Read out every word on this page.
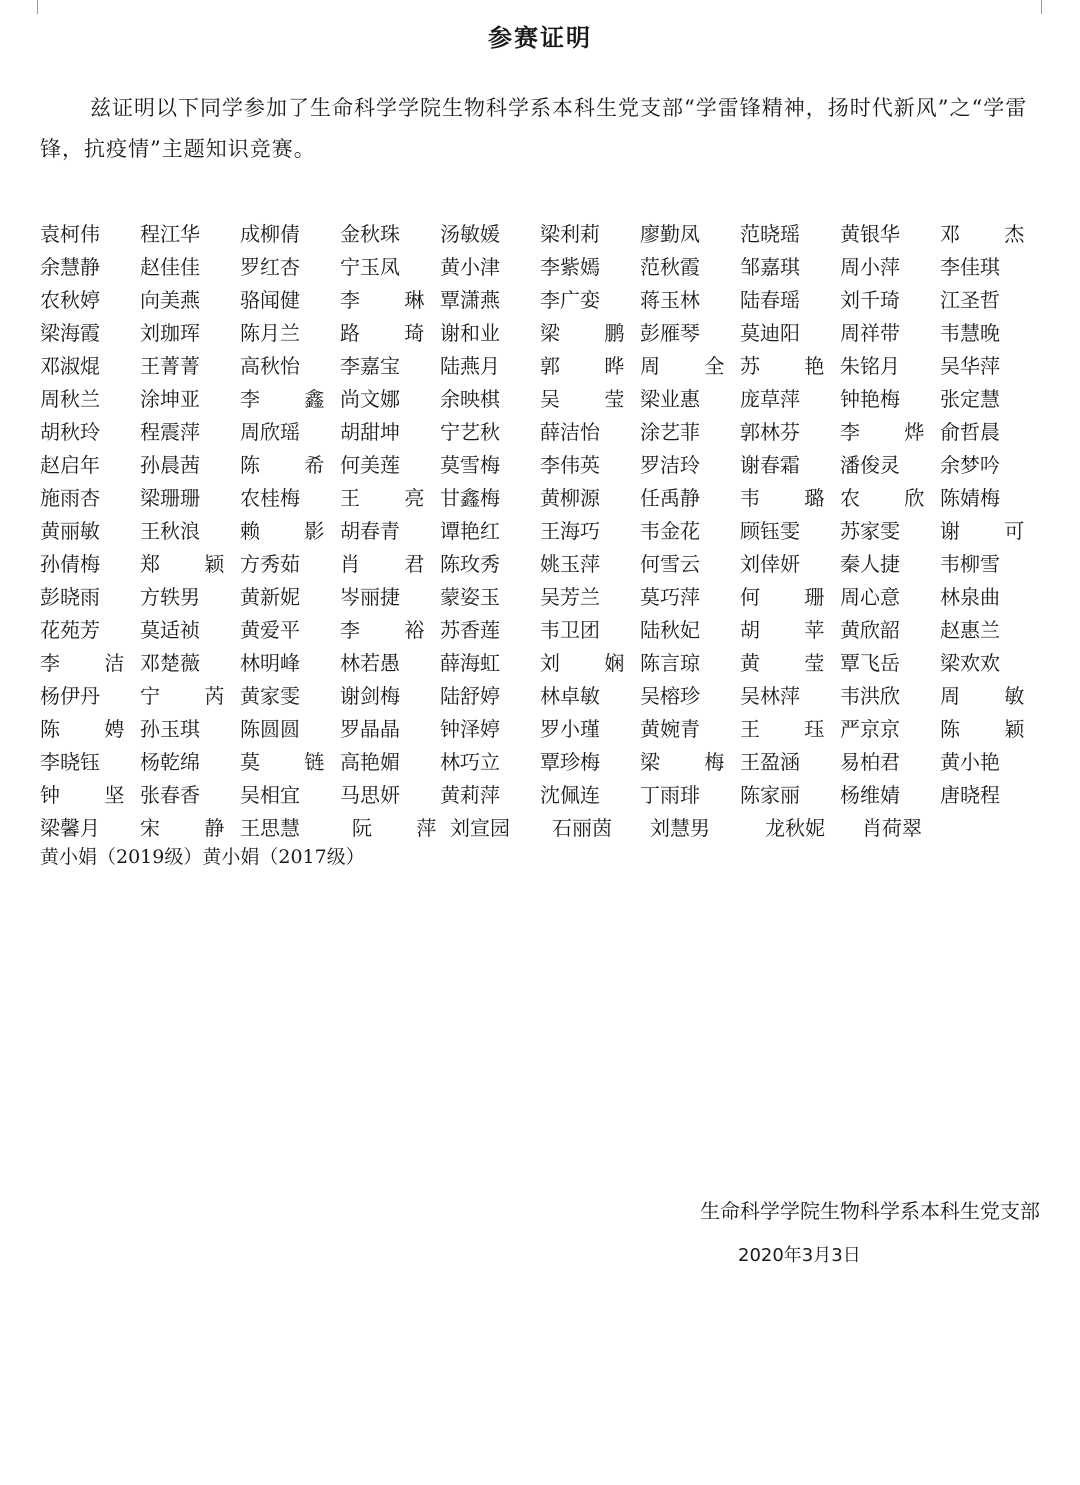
参赛证明
兹证明以下同学参加了生命科学学院生物科学系本科生党支部“学雷锋精神，扬时代新风”之“学雷锋，抗疫情”主题知识竞赛。
袁柯伟 程江华 成柳倩 金秋珠 汤敏媛 梁利莉 廖勤凤 范晓瑶 黄银华 邓 杰
余慧静 赵佳佳 罗红杏 宁玉凤 黄小津 李紫嫣 范秋霞 邹嘉琪 周小萍 李佳琪
农秋婷 向美燕 骆闻健 李 琳
覃潇燕 李广娈 蒋玉林 陆春瑶 刘千琦 江圣哲
梁海霞 刘珈珲 陈月兰 路 琦
谢和业 梁 鹏
彭雁琴 莫迪阳 周祥带 韦慧晚
邓淑焜 王菁菁 高秋怡 李嘉宝 陆燕月 郭 晔
周 全
苏 艳
朱铭月 吴华萍
周秋兰 涂坤亚 李 鑫
尚文娜 余映棋 吴 莹
梁业惠 庞草萍 钟艳梅 张定慧
胡秋玲 程震萍 周欣瑶 胡甜坤 宁艺秋 薛洁怡 涂艺菲 郭林芬 李 烨
俞哲晨
赵启年 孙晨茜 陈 希
何美莲 莫雪梅 李伟英 罗洁玲 谢春霜 潘俊灵 余梦吟
施雨杏 梁珊珊 农桂梅 王 亮
甘鑫梅 黄柳源 任禹静 韦 璐
农 欣
陈婧梅
黄丽敏 王秋浪 赖 影
胡春青 谭艳红 王海巧 韦金花 顾钰雯 苏家雯 谢 可
孙倩梅 郑 颖
方秀茹 肖 君
陈玫秀 姚玉萍 何雪云 刘倖妍 秦人捷 韦柳雪
彭晓雨 方轶男 黄新妮 岑丽捷 蒙姿玉 吴芳兰 莫巧萍 何 珊
周心意 林泉曲
花苑芳 莫适祯 黄爱平 李 裕
苏香莲 韦卫团 陆秋妃 胡 苹
黄欣韶 赵惠兰
李 洁
邓楚薇 林明峰 林若愚 薛海虹 刘 娴
陈言琼 黄 莹
覃飞岳 梁欢欢
杨伊丹 宁 芮
黄家雯 谢剑梅 陆舒婷 林卓敏 吴榕珍 吴林萍 韦洪欣 周 敏
陈 娉
孙玉琪 陈圆圆 罗晶晶 钟泽婷 罗小瑾 黄婉青 王 珏
严京京 陈 颖
李晓钰 杨乾绵 莫 链
高艳媚 林巧立 覃珍梅 梁 梅
王盈涵 易柏君 黄小艳
钟 坚
张春香 吴相宜 马思妍 黄莉萍 沈佩连 丁雨琲 陈家丽 杨维婧 唐晓程
梁馨月 宋 静
王思慧	阮 萍
刘宣园 石丽茵 刘慧男	龙秋妮 肖荷翠
黄小娟（2019级）黄小娟（2017级）
生命科学学院生物科学系本科生党支部
2020年3月3日
